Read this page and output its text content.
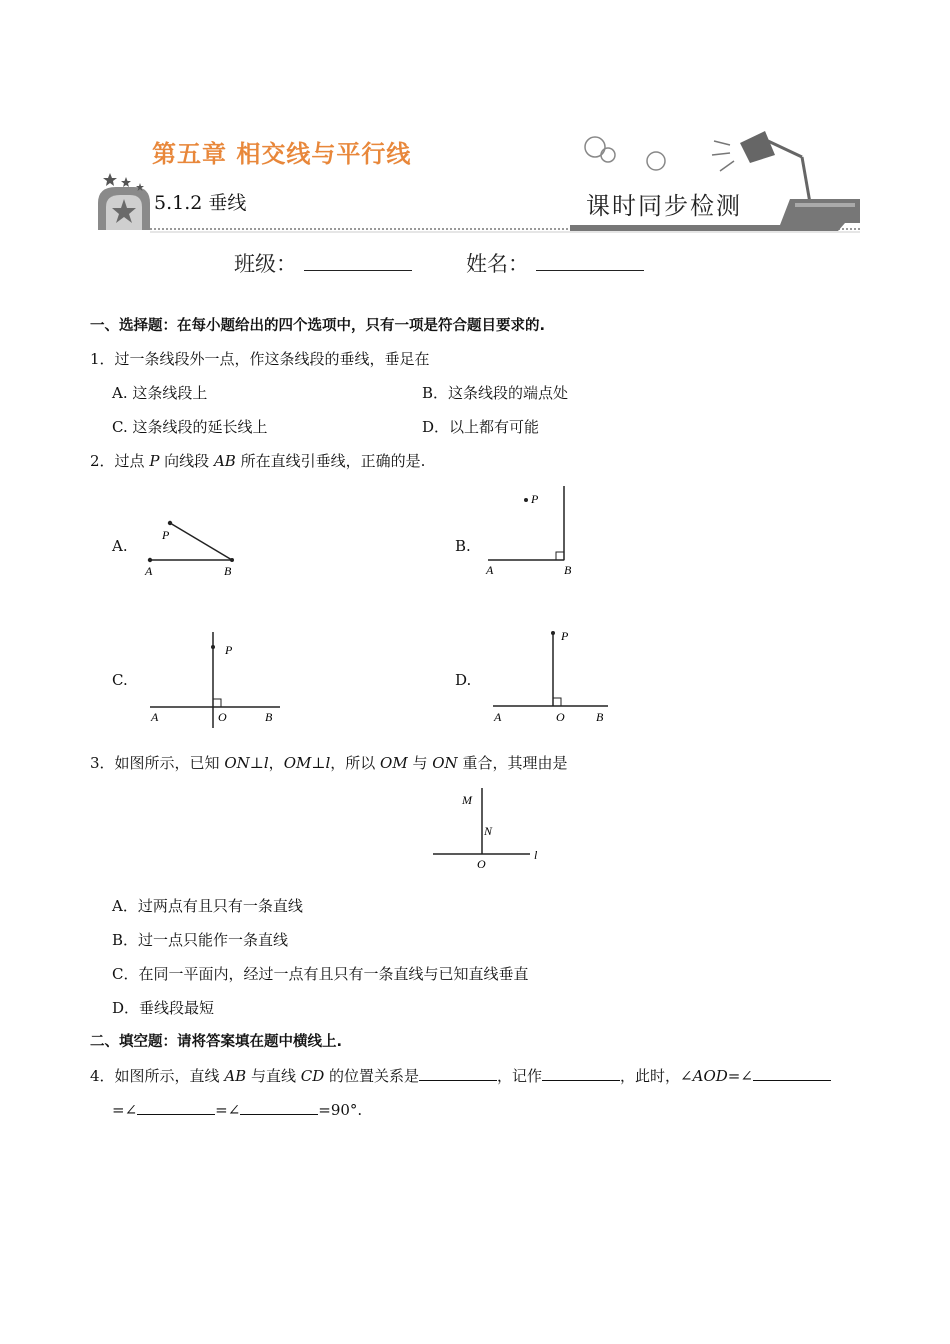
第五章 相交线与平行线
5.1.2 垂线	课时同步检测
班级：	姓名：
一、选择题：在每小题给出的四个选项中，只有一项是符合题目要求的.
1．过一条线段外一点，作这条线段的垂线，垂足在
A. 这条线段上	B．这条线段的端点处
C. 这条线段的延长线上	D．以上都有可能
2．过点 P 向线段 AB 所在直线引垂线，正确的是.
A.
P
A	B
B.
P
A	B
C.
P
A	O	B
D.
P
A	O	B
3．如图所示，已知 ON⊥l，OM⊥l，所以 OM 与 ON 重合，其理由是
M
N
O
l
A．过两点有且只有一条直线
B．过一点只能作一条直线
C．在同一平面内，经过一点有且只有一条直线与已知直线垂直
D．垂线段最短
二、填空题：请将答案填在题中横线上.
4．如图所示，直线 AB 与直线 CD 的位置关系是	，记作	，此时，∠AOD=∠
=∠	=∠	=90°.
